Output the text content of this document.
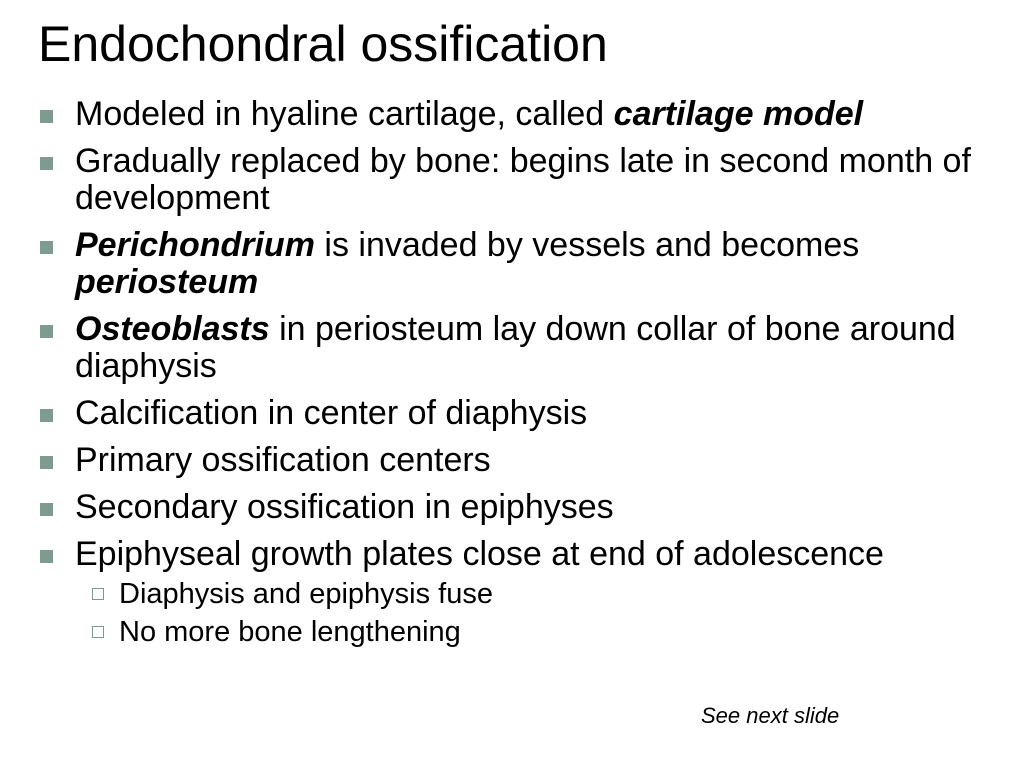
Endochondral ossification
Modeled in hyaline cartilage, called cartilage model
Gradually replaced by bone: begins late in second month of development
Perichondrium is invaded by vessels and becomes periosteum
Osteoblasts in periosteum lay down collar of bone around diaphysis
Calcification in center of diaphysis
Primary ossification centers
Secondary ossification in epiphyses
Epiphyseal growth plates close at end of adolescence
Diaphysis and epiphysis fuse
No more bone lengthening
See next slide
